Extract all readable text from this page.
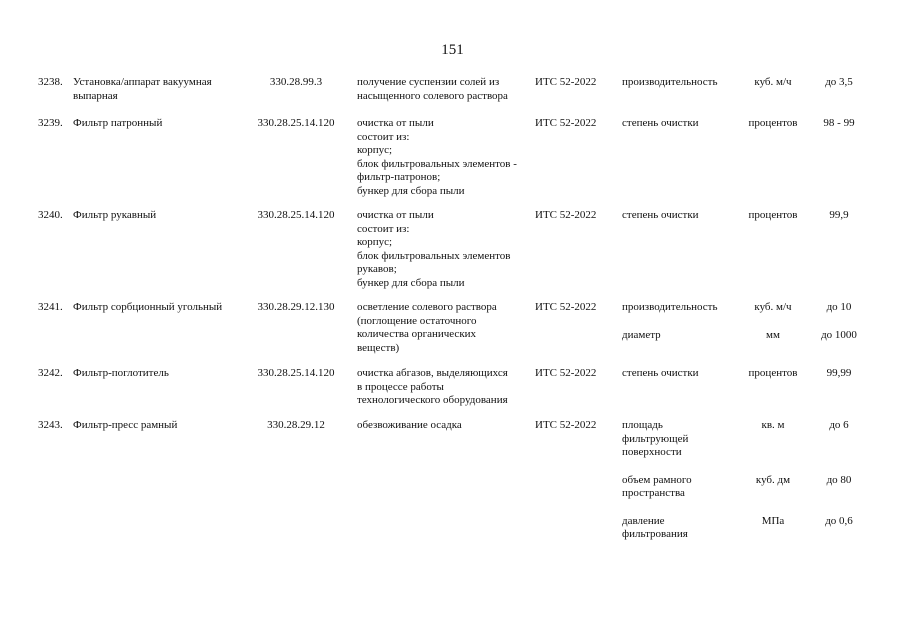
151
3238. Установка/аппарат вакуумная
выпарная
330.28.99.3	получение суспензии солей из
насыщенного солевого раствора
ИТС 52-2022	производительность	куб. м/ч	до 3,5
3239. Фильтр патронный	330.28.25.14.120	очистка от пыли
состоит из:
корпус;
блок фильтровальных элементов -
фильтр-патронов;
бункер для сбора пыли
ИТС 52-2022	степень очистки	процентов	98 - 99
3240. Фильтр рукавный	330.28.25.14.120	очистка от пыли
состоит из:
корпус;
блок фильтровальных элементов
рукавов;
бункер для сбора пыли
ИТС 52-2022	степень очистки	процентов	99,9
3241. Фильтр сорбционный угольный	330.28.29.12.130	осветление солевого раствора
(поглощение остаточного
количества органических
веществ)
ИТС 52-2022	производительность	куб. м/ч	до 10
диаметр	мм	до 1000
3242. Фильтр-поглотитель	330.28.25.14.120	очистка абгазов, выделяющихся
в процессе работы
технологического оборудования
ИТС 52-2022	степень очистки	процентов	99,99
3243. Фильтр-пресс рамный	330.28.29.12	обезвоживание осадка	ИТС 52-2022	площадь
фильтрующей
поверхности
кв. м	до 6
объем рамного
пространства
куб. дм	до 80
давление
фильтрования
МПа	до 0,6
